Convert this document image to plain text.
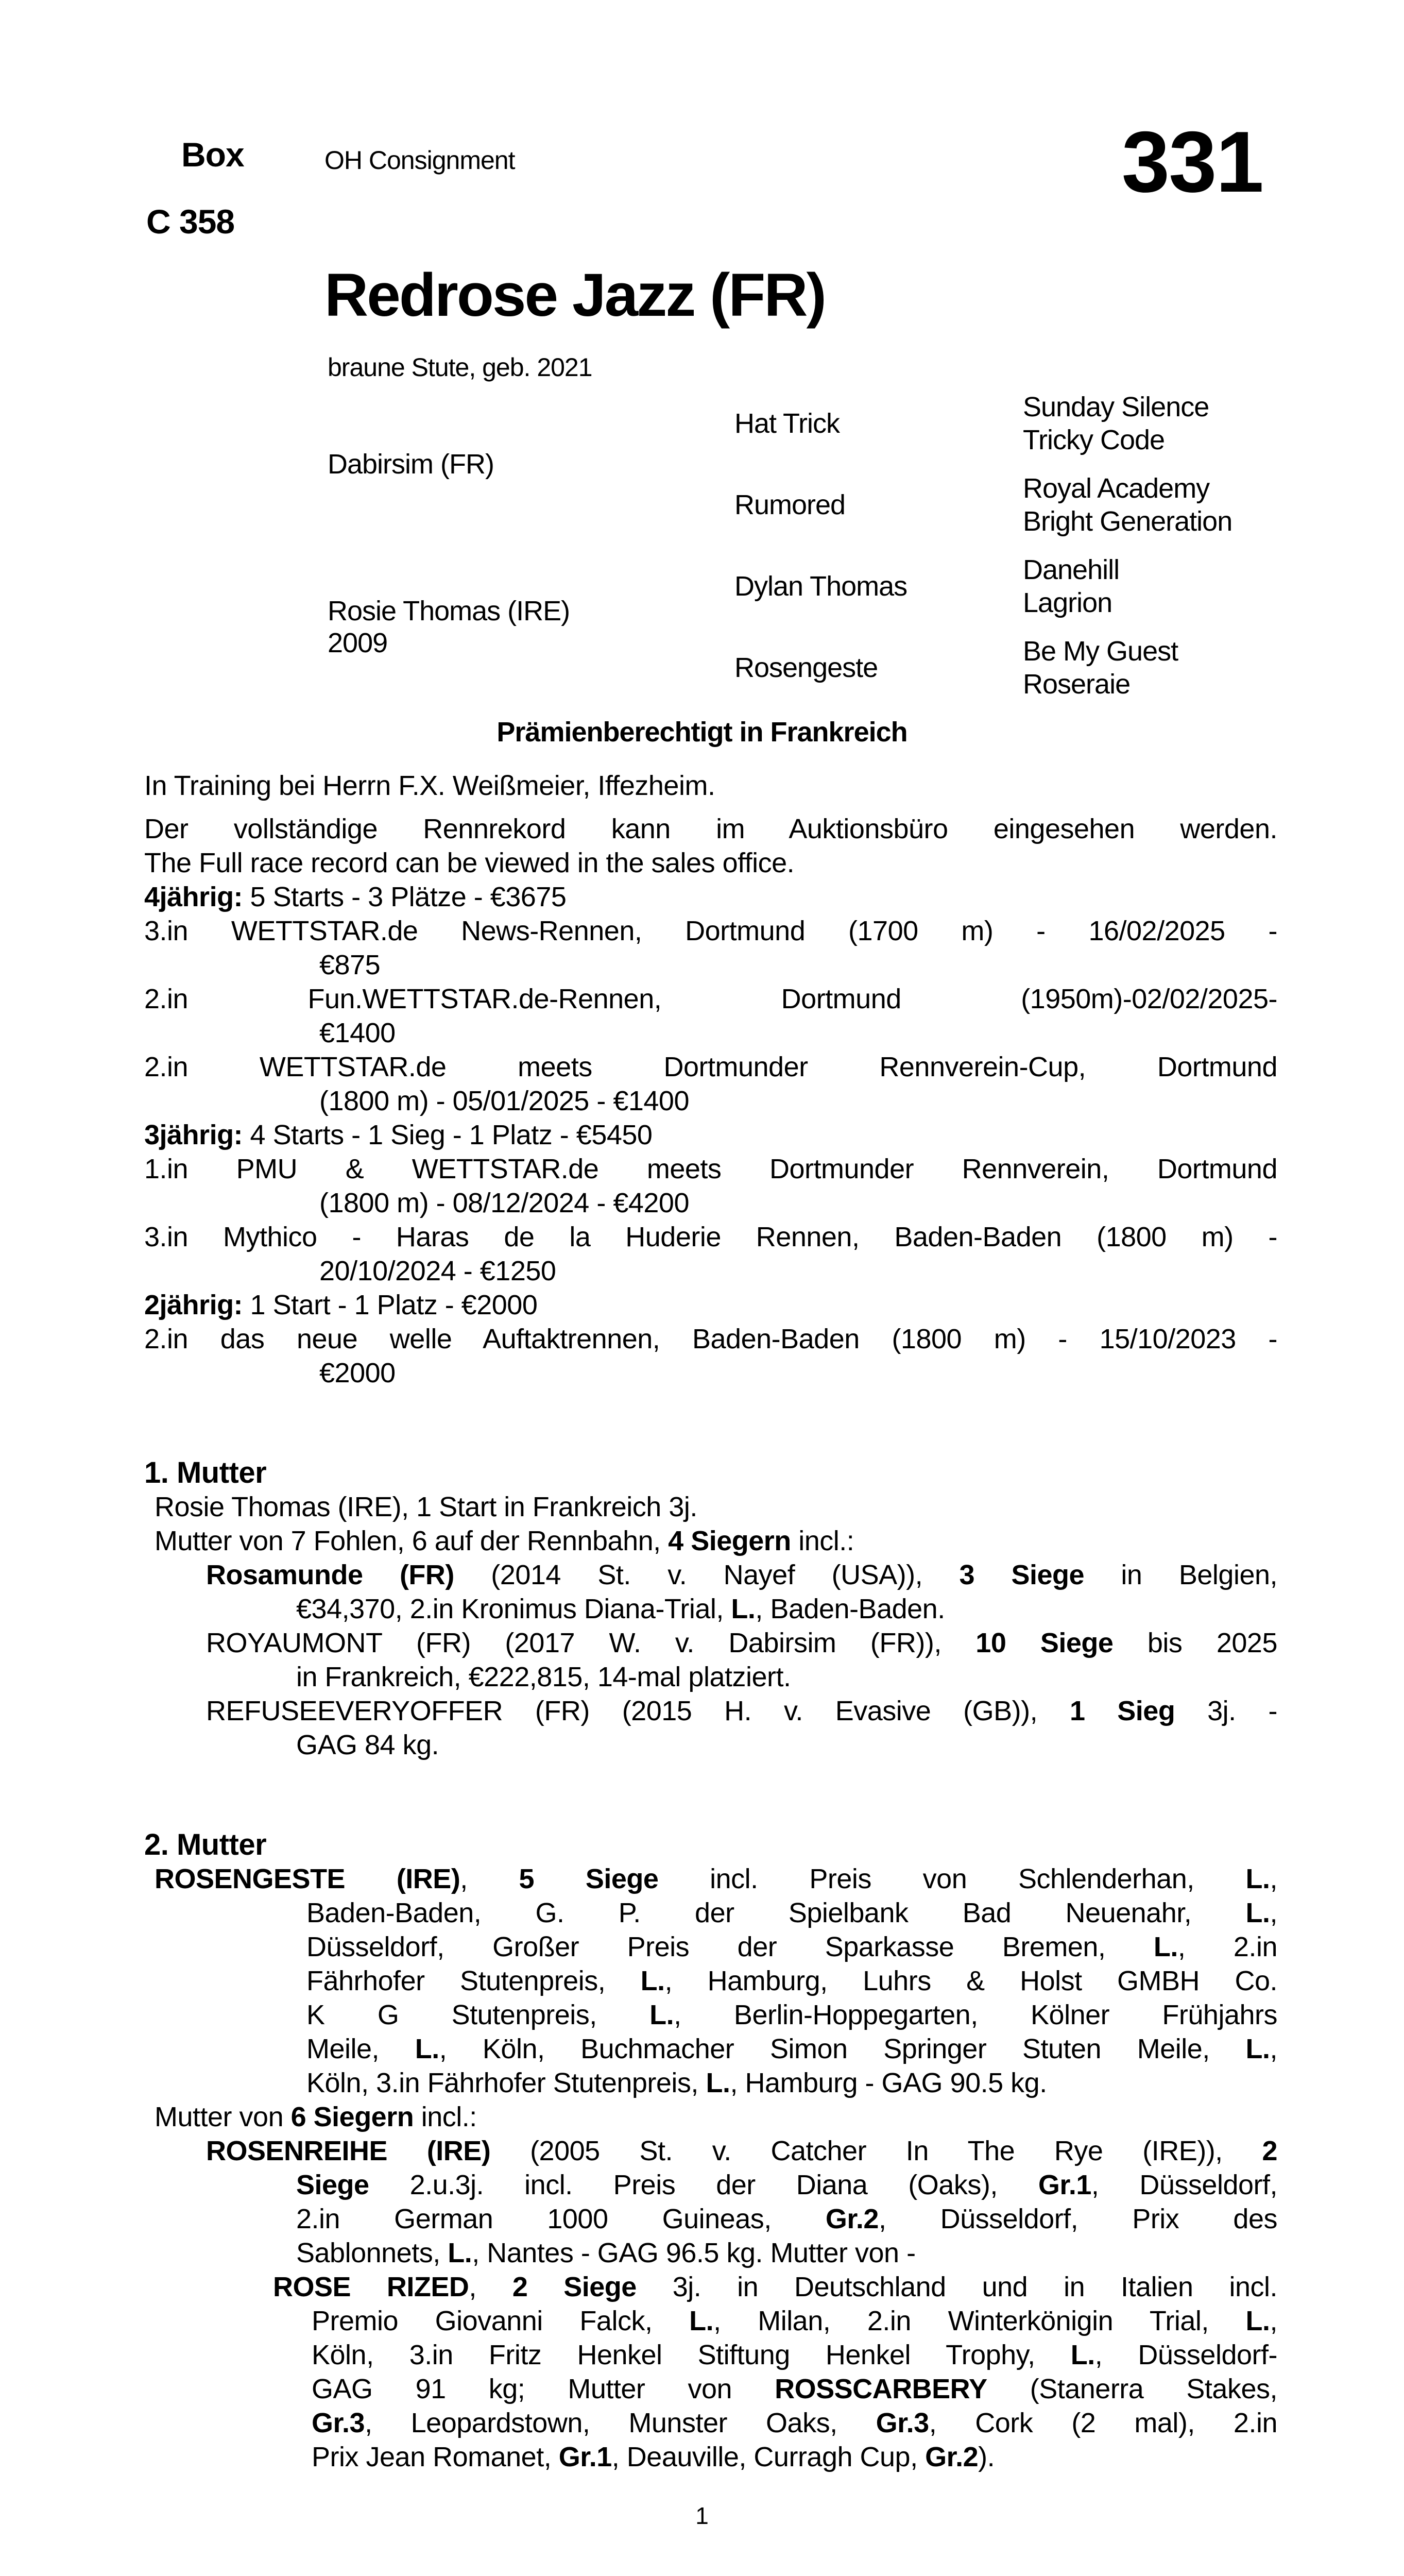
Box	OH Consignment	331
C 358
Redrose Jazz (FR)
braune Stute, geb. 2021
Dabirsim (FR)
Hat Trick
Sunday Silence
Tricky Code
Rumored
Royal Academy
Bright Generation
Rosie Thomas (IRE)
2009
Dylan Thomas
Danehill
Lagrion
Rosengeste
Be My Guest
Roseraie
Prämienberechtigt in Frankreich
In Training bei Herrn F.X. Weißmeier, Iffezheim.
Der vollständige Rennrekord kann im Auktionsbüro eingesehen werden.
The Full race record can be viewed in the sales office.
4jährig: 5 Starts - 3 Plätze - €3675
3.in WETTSTAR.de News-Rennen, Dortmund (1700 m) - 16/02/2025 -
€875
2.in Fun.WETTSTAR.de-Rennen, Dortmund (1950m)-02/02/2025-
€1400
2.in WETTSTAR.de meets Dortmunder Rennverein-Cup, Dortmund
(1800 m) - 05/01/2025 - €1400
3jährig: 4 Starts - 1 Sieg - 1 Platz - €5450
1.in PMU & WETTSTAR.de meets Dortmunder Rennverein, Dortmund
(1800 m) - 08/12/2024 - €4200
3.in Mythico - Haras de la Huderie Rennen, Baden-Baden (1800 m) -
20/10/2024 - €1250
2jährig: 1 Start - 1 Platz - €2000
2.in das neue welle Auftaktrennen, Baden-Baden (1800 m) - 15/10/2023 -
€2000
1. Mutter
Rosie Thomas (IRE), 1 Start in Frankreich 3j.
Mutter von 7 Fohlen, 6 auf der Rennbahn, 4 Siegern incl.:
Rosamunde (FR) (2014 St. v. Nayef (USA)), 3 Siege in Belgien,
€34,370, 2.in Kronimus Diana-Trial, L., Baden-Baden.
ROYAUMONT (FR) (2017 W. v. Dabirsim (FR)), 10 Siege bis 2025
in Frankreich, €222,815, 14-mal platziert.
REFUSEEVERYOFFER (FR) (2015 H. v. Evasive (GB)), 1 Sieg 3j. -
GAG 84 kg.
2. Mutter
ROSENGESTE (IRE), 5 Siege incl. Preis von Schlenderhan, L.,
Baden-Baden, G. P. der Spielbank Bad Neuenahr, L.,
Düsseldorf, Großer Preis der Sparkasse Bremen, L., 2.in
Fährhofer Stutenpreis, L., Hamburg, Luhrs & Holst GMBH Co.
K G Stutenpreis, L., Berlin-Hoppegarten, Kölner Frühjahrs
Meile, L., Köln, Buchmacher Simon Springer Stuten Meile, L.,
Köln, 3.in Fährhofer Stutenpreis, L., Hamburg - GAG 90.5 kg.
Mutter von 6 Siegern incl.:
ROSENREIHE (IRE) (2005 St. v. Catcher In The Rye (IRE)), 2
Siege 2.u.3j. incl. Preis der Diana (Oaks), Gr.1, Düsseldorf,
2.in German 1000 Guineas, Gr.2, Düsseldorf, Prix des
Sablonnets, L., Nantes - GAG 96.5 kg. Mutter von -
ROSE RIZED, 2 Siege 3j. in Deutschland und in Italien incl.
Premio Giovanni Falck, L., Milan, 2.in Winterkönigin Trial, L.,
Köln, 3.in Fritz Henkel Stiftung Henkel Trophy, L., Düsseldorf-
GAG 91 kg; Mutter von ROSSCARBERY (Stanerra Stakes,
Gr.3, Leopardstown, Munster Oaks, Gr.3, Cork (2 mal), 2.in
Prix Jean Romanet, Gr.1, Deauville, Curragh Cup, Gr.2).
1
